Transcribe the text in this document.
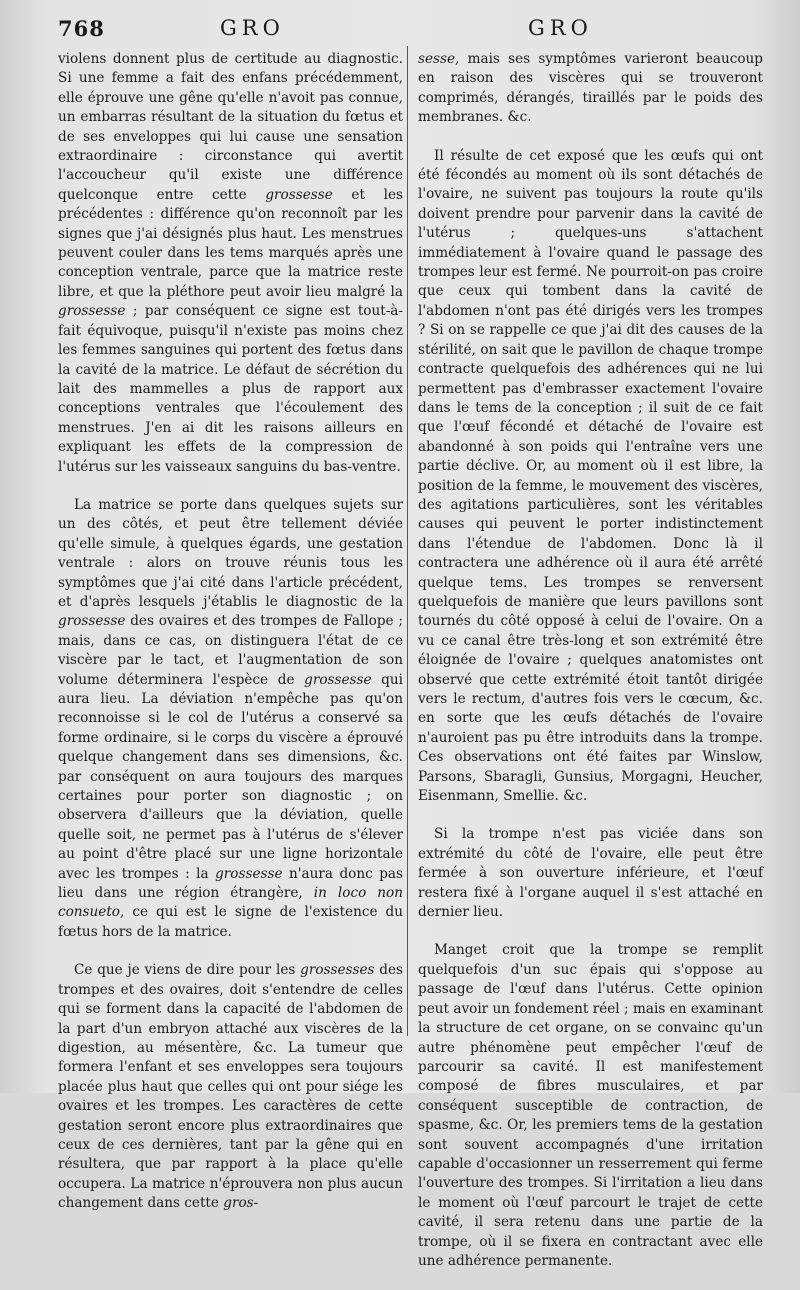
768	GRO	GRO

violens donnent plus de certitude au diagnostic. Si une femme a fait des enfans précédemment, elle éprouve une gêne qu'elle n'avoit pas connue, un embarras résultant de la situation du fœtus et de ses enveloppes qui lui cause une sensation extraordinaire : circonstance qui avertit l'accoucheur qu'il existe une différence quelconque entre cette grossesse et les précédentes : différence qu'on reconnoît par les signes que j'ai désignés plus haut. Les menstrues peuvent couler dans les tems marqués après une conception ventrale, parce que la matrice reste libre, et que la pléthore peut avoir lieu malgré la grossesse ; par conséquent ce signe est tout-à-fait équivoque, puisqu'il n'existe pas moins chez les femmes sanguines qui portent des fœtus dans la cavité de la matrice. Le défaut de sécrétion du lait des mammelles a plus de rapport aux conceptions ventrales que l'écoulement des menstrues. J'en ai dit les raisons ailleurs en expliquant les effets de la compression de l'utérus sur les vaisseaux sanguins du bas-ventre.

La matrice se porte dans quelques sujets sur un des côtés, et peut être tellement déviée qu'elle simule, à quelques égards, une gestation ventrale : alors on trouve réunis tous les symptômes que j'ai cité dans l'article précédent, et d'après lesquels j'établis le diagnostic de la grossesse des ovaires et des trompes de Fallope ; mais, dans ce cas, on distinguera l'état de ce viscère par le tact, et l'augmentation de son volume déterminera l'espèce de grossesse qui aura lieu. La déviation n'empêche pas qu'on reconnoisse si le col de l'utérus a conservé sa forme ordinaire, si le corps du viscère a éprouvé quelque changement dans ses dimensions, &c. par conséquent on aura toujours des marques certaines pour porter son diagnostic ; on observera d'ailleurs que la déviation, quelle quelle soit, ne permet pas à l'utérus de s'élever au point d'être placé sur une ligne horizontale avec les trompes : la grossesse n'aura donc pas lieu dans une région étrangère, in loco non consueto, ce qui est le signe de l'existence du fœtus hors de la matrice.

Ce que je viens de dire pour les grossesses des trompes et des ovaires, doit s'entendre de celles qui se forment dans la capacité de l'abdomen de la part d'un embryon attaché aux viscères de la digestion, au mésentère, &c. La tumeur que formera l'enfant et ses enveloppes sera toujours placée plus haut que celles qui ont pour siége les ovaires et les trompes. Les caractères de cette gestation seront encore plus extraordinaires que ceux de ces dernières, tant par la gêne qui en résultera, que par rapport à la place qu'elle occupera. La matrice n'éprouvera non plus aucun changement dans cette gros-

sesse, mais ses symptômes varieront beaucoup en raison des viscères qui se trouveront comprimés, dérangés, tiraillés par le poids des membranes. &c.

Il résulte de cet exposé que les œufs qui ont été fécondés au moment où ils sont détachés de l'ovaire, ne suivent pas toujours la route qu'ils doivent prendre pour parvenir dans la cavité de l'utérus ; quelques-uns s'attachent immédiatement à l'ovaire quand le passage des trompes leur est fermé. Ne pourroit-on pas croire que ceux qui tombent dans la cavité de l'abdomen n'ont pas été dirigés vers les trompes ? Si on se rappelle ce que j'ai dit des causes de la stérilité, on sait que le pavillon de chaque trompe contracte quelquefois des adhérences qui ne lui permettent pas d'embrasser exactement l'ovaire dans le tems de la conception ; il suit de ce fait que l'œuf fécondé et détaché de l'ovaire est abandonné à son poids qui l'entraîne vers une partie déclive. Or, au moment où il est libre, la position de la femme, le mouvement des viscères, des agitations particulières, sont les véritables causes qui peuvent le porter indistinctement dans l'étendue de l'abdomen. Donc là il contractera une adhérence où il aura été arrêté quelque tems. Les trompes se renversent quelquefois de manière que leurs pavillons sont tournés du côté opposé à celui de l'ovaire. On a vu ce canal être très-long et son extrémité être éloignée de l'ovaire ; quelques anatomistes ont observé que cette extrémité étoit tantôt dirigée vers le rectum, d'autres fois vers le cœcum, &c. en sorte que les œufs détachés de l'ovaire n'auroient pas pu être introduits dans la trompe. Ces observations ont été faites par Winslow, Parsons, Sbaragli, Gunsius, Morgagni, Heucher, Eisenmann, Smellie. &c.

Si la trompe n'est pas viciée dans son extrémité du côté de l'ovaire, elle peut être fermée à son ouverture inférieure, et l'œuf restera fixé à l'organe auquel il s'est attaché en dernier lieu.

Manget croit que la trompe se remplit quelquefois d'un suc épais qui s'oppose au passage de l'œuf dans l'utérus. Cette opinion peut avoir un fondement réel ; mais en examinant la structure de cet organe, on se convainc qu'un autre phénomène peut empêcher l'œuf de parcourir sa cavité. Il est manifestement composé de fibres musculaires, et par conséquent susceptible de contraction, de spasme, &c. Or, les premiers tems de la gestation sont souvent accompagnés d'une irritation capable d'occasionner un resserrement qui ferme l'ouverture des trompes. Si l'irritation a lieu dans le moment où l'œuf parcourt le trajet de cette cavité, il sera retenu dans une partie de la trompe, où il se fixera en contractant avec elle une adhérence permanente.
